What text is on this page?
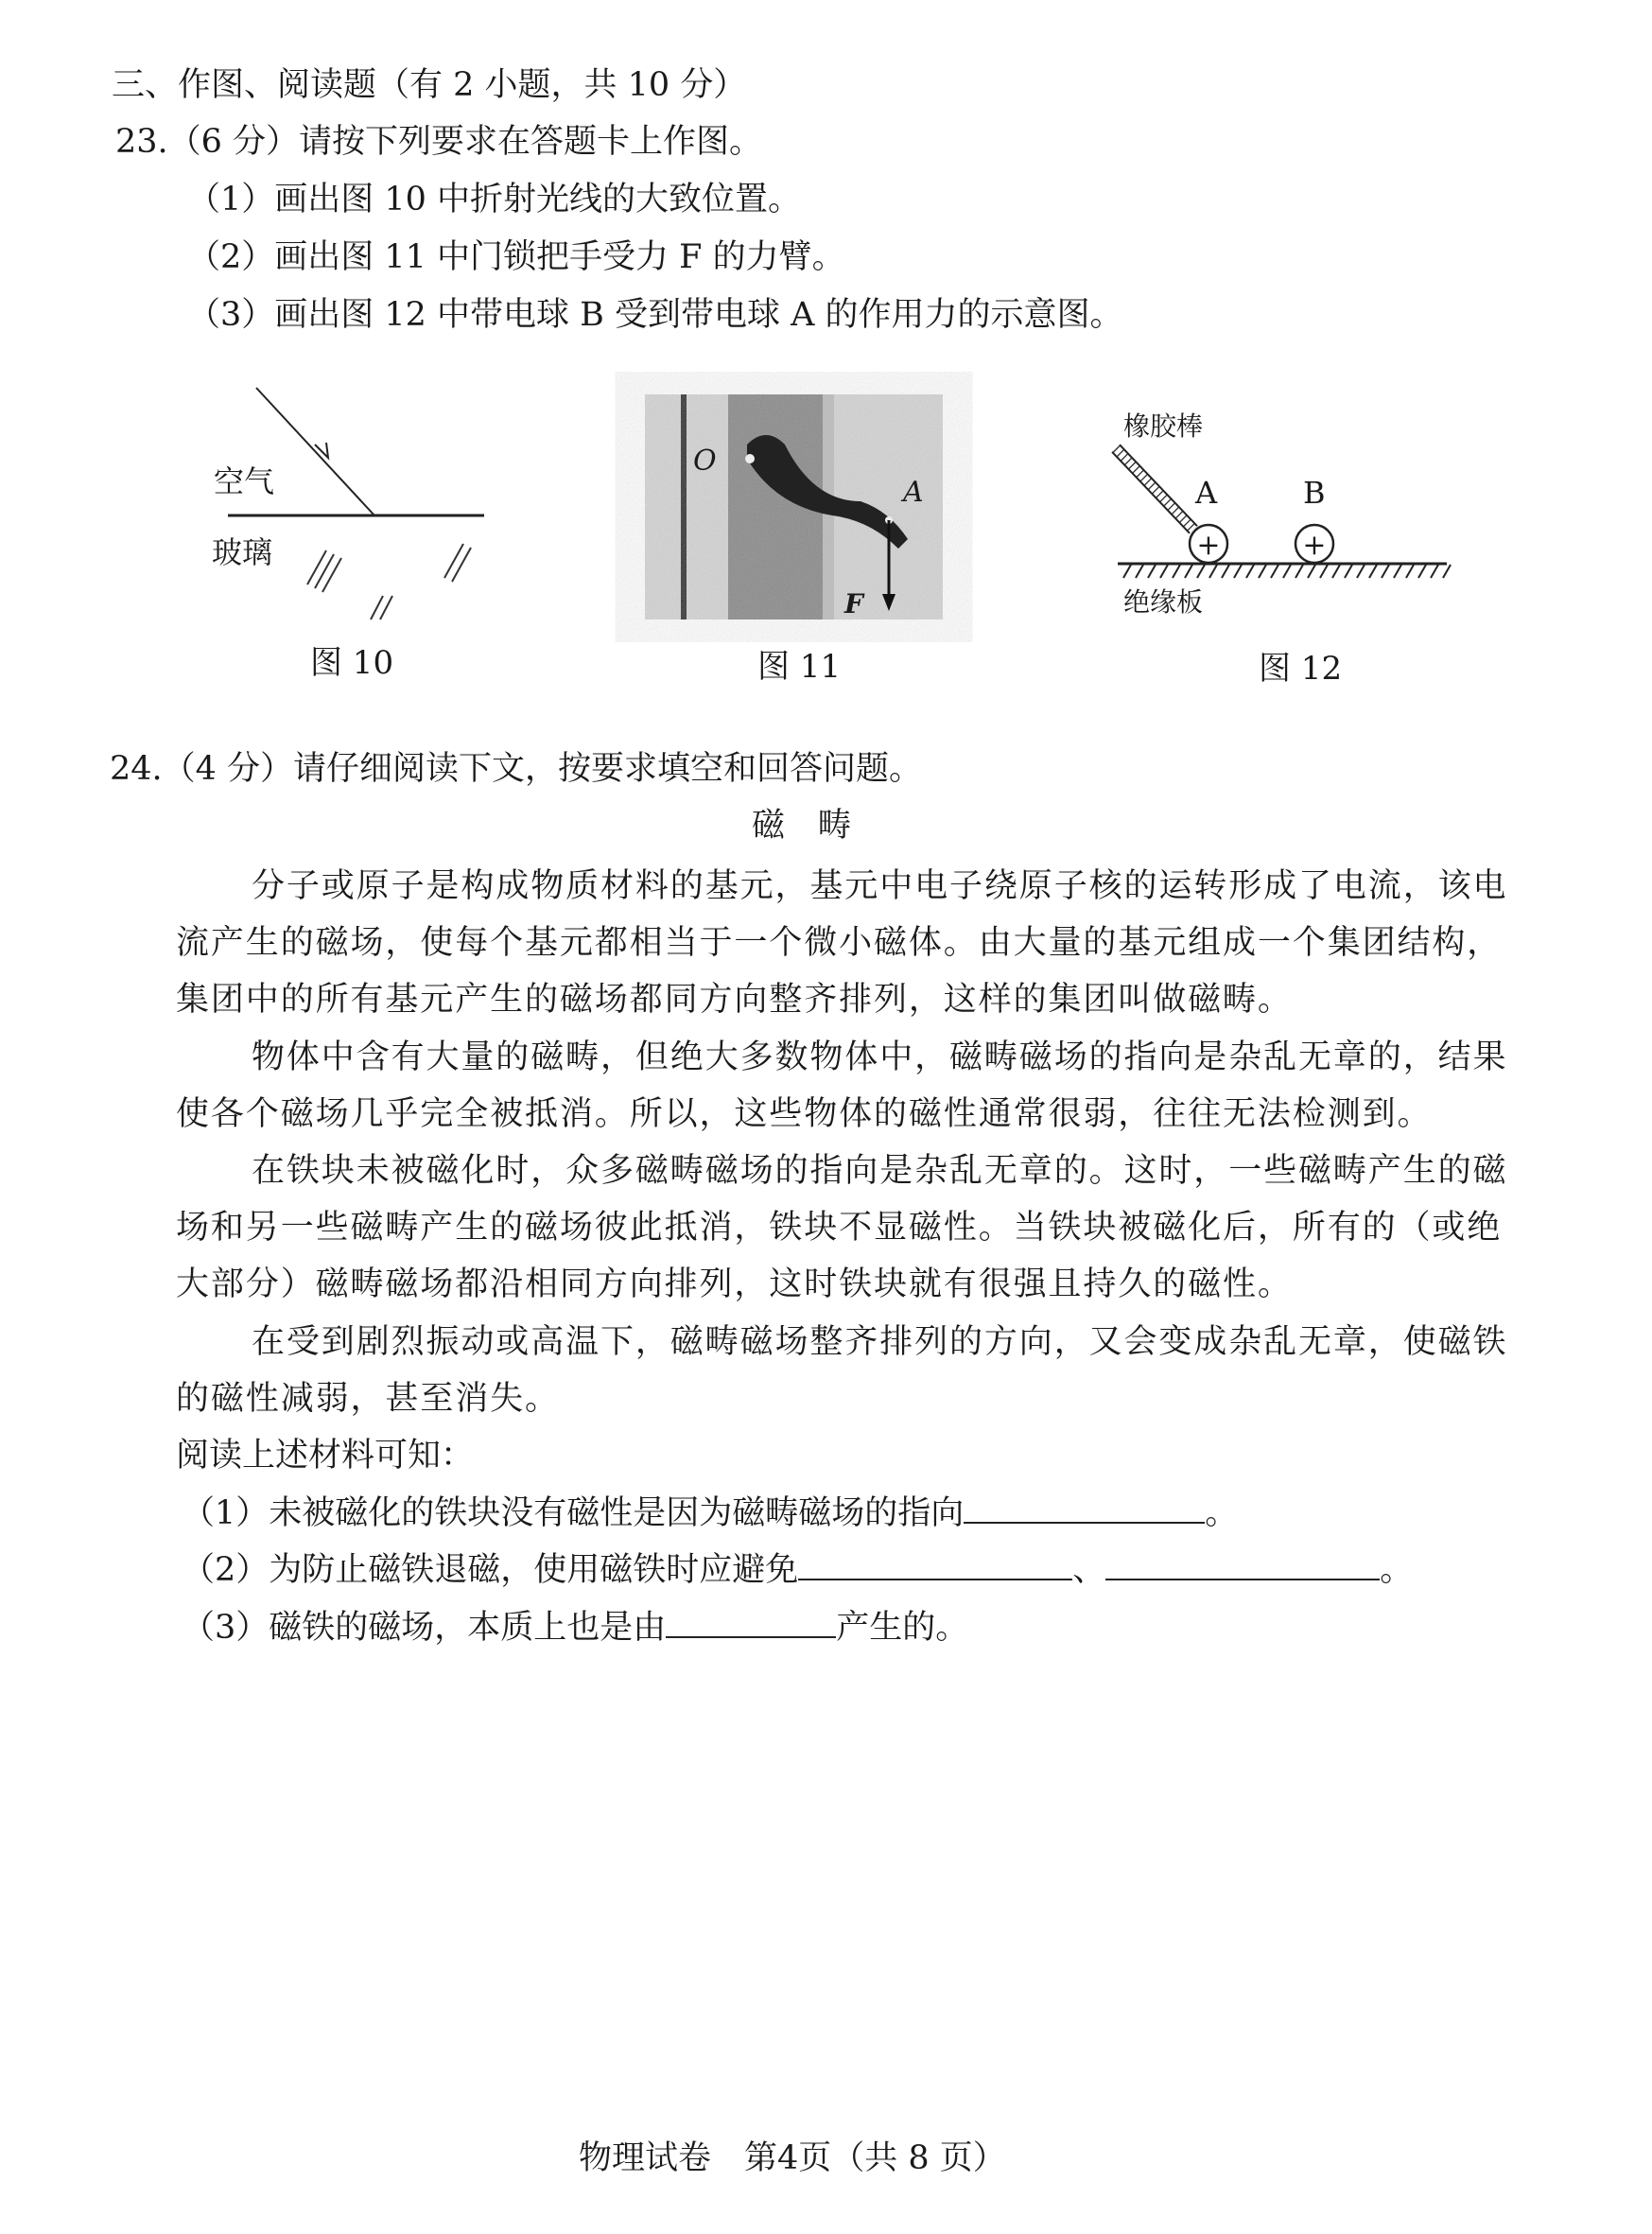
三、作图、阅读题（有 2 小题，共 10 分）
23.（6 分）请按下列要求在答题卡上作图。
（1）画出图 10 中折射光线的大致位置。
（2）画出图 11 中门锁把手受力 F 的力臂。
（3）画出图 12 中带电球 B 受到带电球 A 的作用力的示意图。
空气
玻璃
图 10
O
A
F
图 11
橡胶棒
A	B
+	+
绝缘板
图 12
24.（4 分）请仔细阅读下文，按要求填空和回答问题。
磁　畴
分子或原子是构成物质材料的基元，基元中电子绕原子核的运转形成了电流，该电
流产生的磁场，使每个基元都相当于一个微小磁体。由大量的基元组成一个集团结构，
集团中的所有基元产生的磁场都同方向整齐排列，这样的集团叫做磁畴。
物体中含有大量的磁畴，但绝大多数物体中，磁畴磁场的指向是杂乱无章的，结果
使各个磁场几乎完全被抵消。所以，这些物体的磁性通常很弱，往往无法检测到。
在铁块未被磁化时，众多磁畴磁场的指向是杂乱无章的。这时，一些磁畴产生的磁
场和另一些磁畴产生的磁场彼此抵消，铁块不显磁性。当铁块被磁化后，所有的（或绝
大部分）磁畴磁场都沿相同方向排列，这时铁块就有很强且持久的磁性。
在受到剧烈振动或高温下，磁畴磁场整齐排列的方向，又会变成杂乱无章，使磁铁
的磁性减弱，甚至消失。
阅读上述材料可知：
（1）未被磁化的铁块没有磁性是因为磁畴磁场的指向	。
（2）为防止磁铁退磁，使用磁铁时应避免	、	。
（3）磁铁的磁场，本质上也是由	产生的。
物理试卷　第4页（共 8 页）
